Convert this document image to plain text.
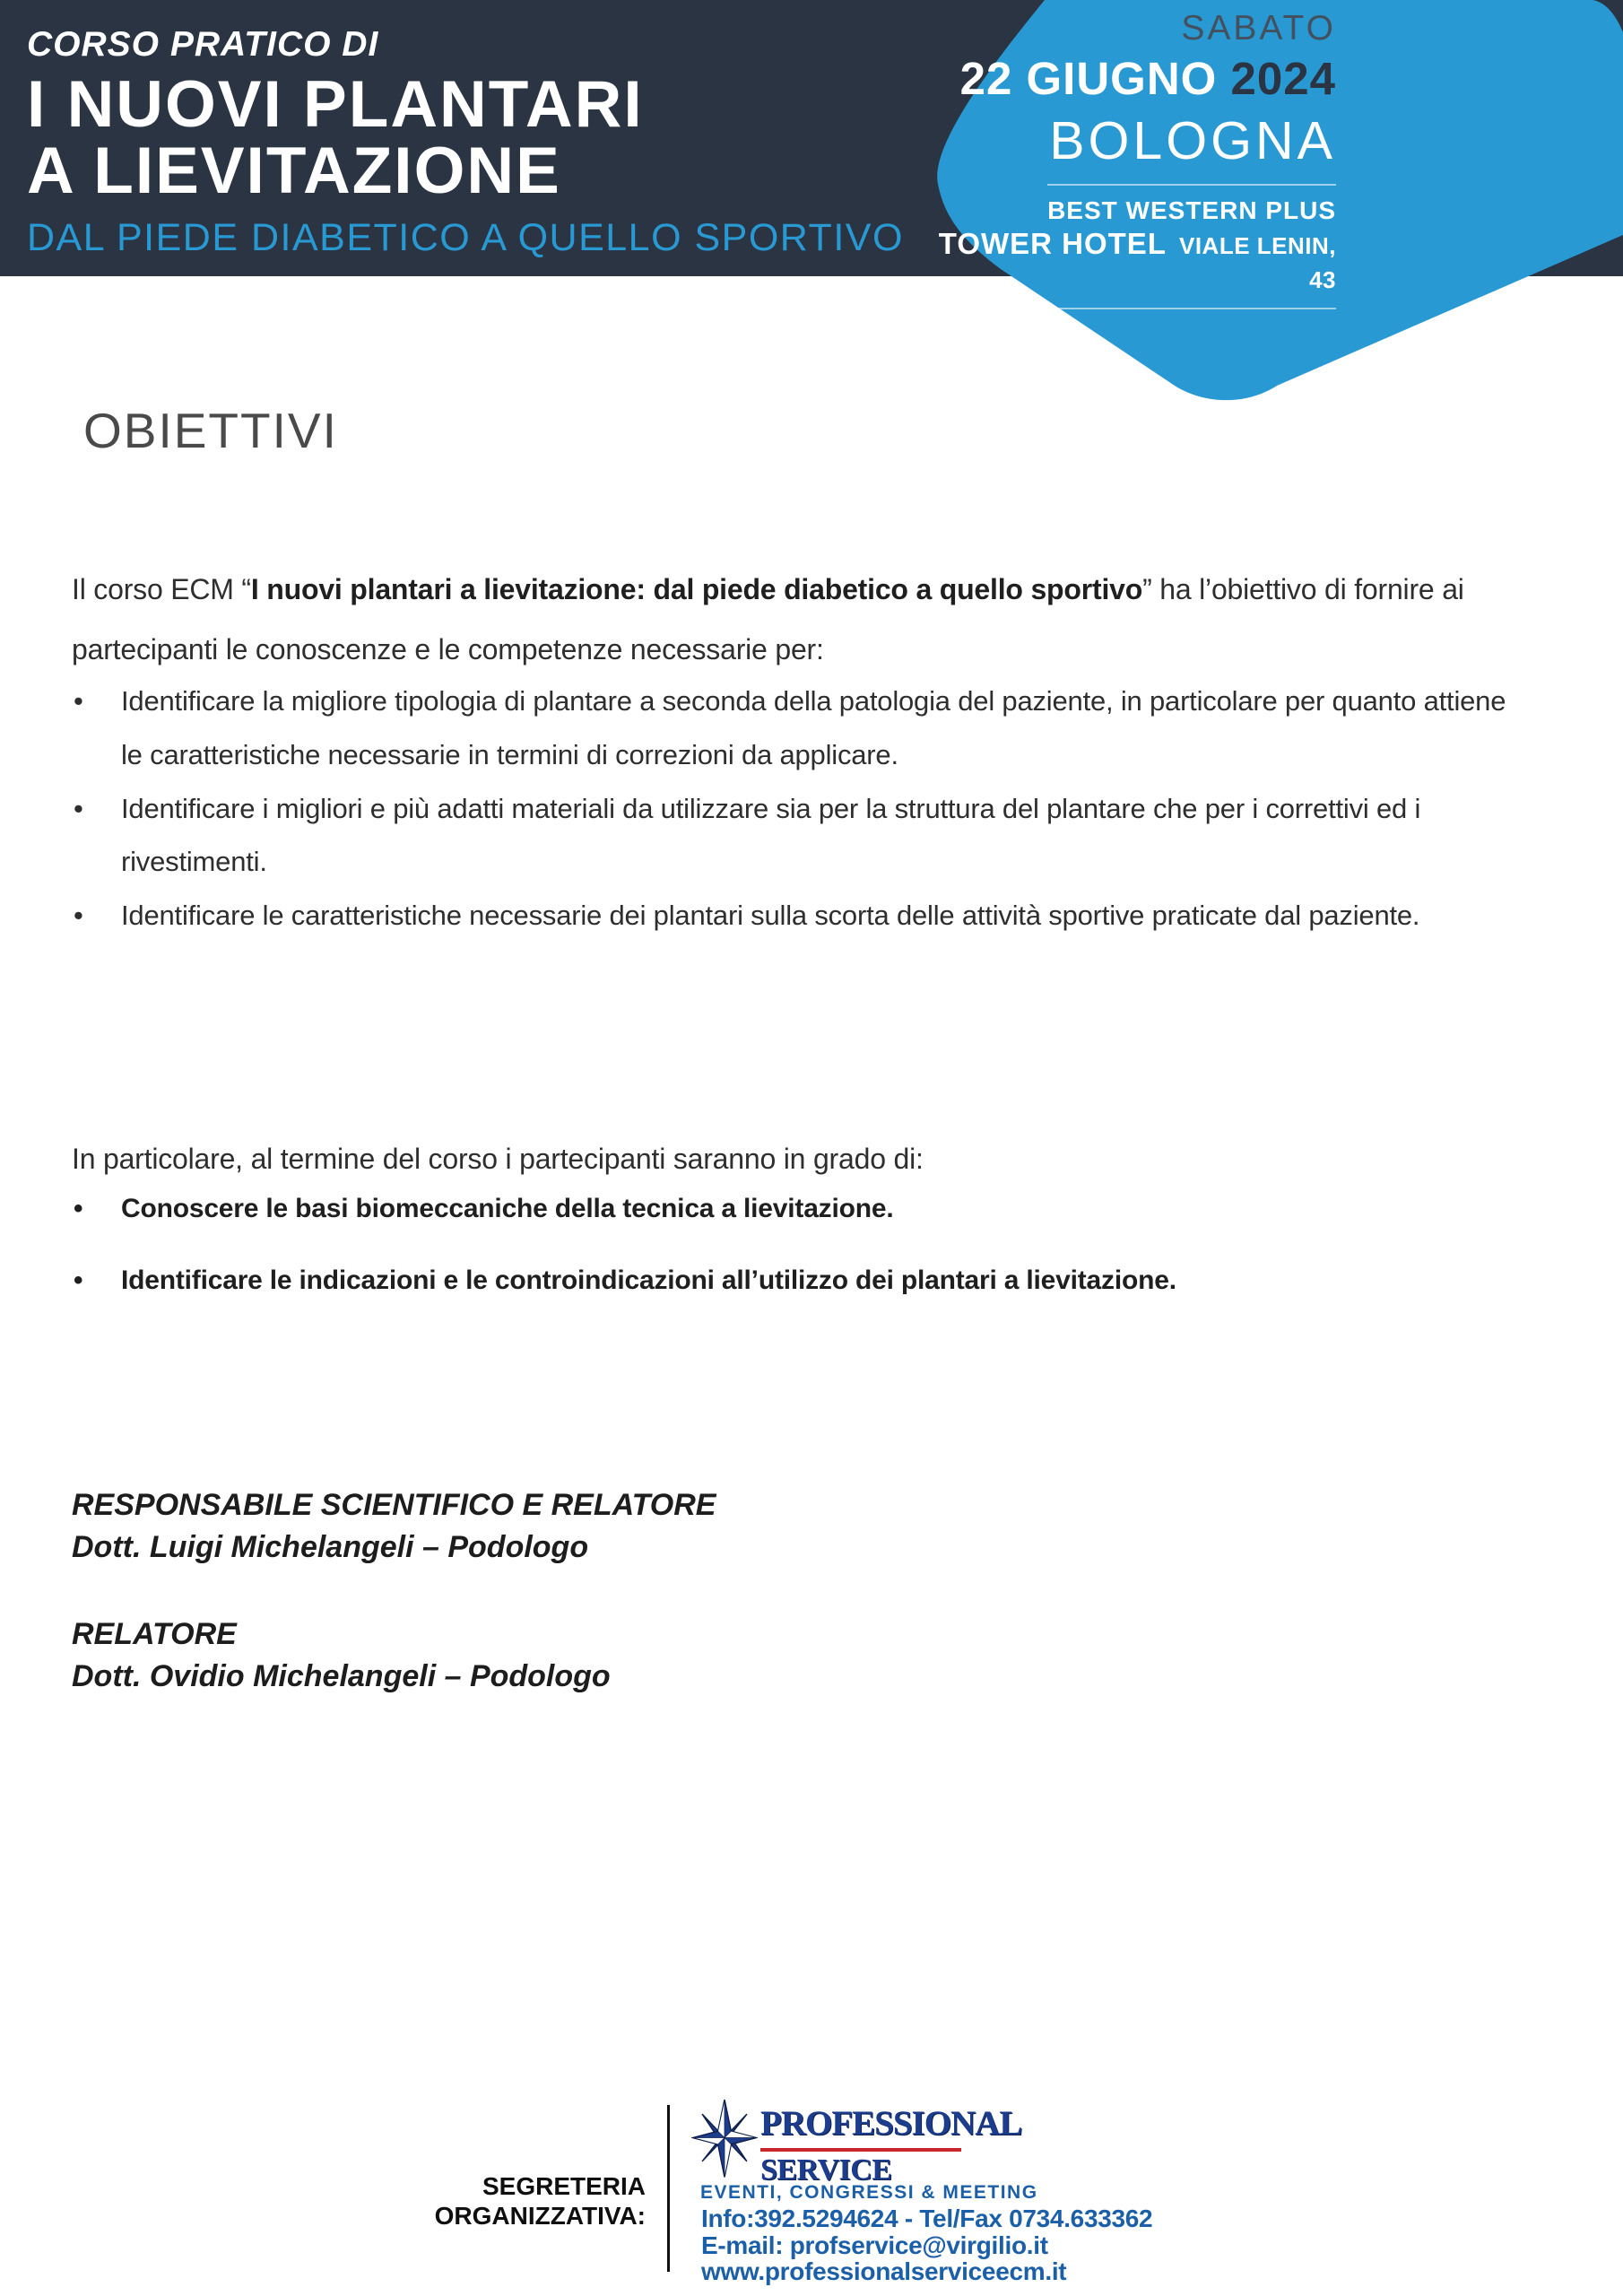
CORSO PRATICO DI
I NUOVI PLANTARI
A LIEVITAZIONE
DAL PIEDE DIABETICO A QUELLO SPORTIVO
SABATO
22 GIUGNO 2024
BOLOGNA
BEST WESTERN PLUS
TOWER HOTEL VIALE LENIN, 43
OBIETTIVI

Il corso ECM “I nuovi plantari a lievitazione: dal piede diabetico a quello sportivo” ha l’obiettivo di fornire ai partecipanti le conoscenze e le competenze necessarie per:

• Identificare la migliore tipologia di plantare a seconda della patologia del paziente, in particolare per quanto attiene le caratteristiche necessarie in termini di correzioni da applicare.
• Identificare i migliori e più adatti materiali da utilizzare sia per la struttura del plantare che per i correttivi ed i rivestimenti.
• Identificare le caratteristiche necessarie dei plantari sulla scorta delle attività sportive praticate dal paziente.

In particolare, al termine del corso i partecipanti saranno in grado di:

• Conoscere le basi biomeccaniche della tecnica a lievitazione.
• Identificare le indicazioni e le controindicazioni all’utilizzo dei plantari a lievitazione.
RESPONSABILE SCIENTIFICO E RELATORE
Dott. Luigi Michelangeli – Podologo
RELATORE
Dott. Ovidio Michelangeli – Podologo
SEGRETERIA
ORGANIZZATIVA:
PROFESSIONAL
SERVICE
EVENTI, CONGRESSI & MEETING
Info:392.5294624 - Tel/Fax 0734.633362
E-mail: profservice@virgilio.it
www.professionalserviceecm.it
